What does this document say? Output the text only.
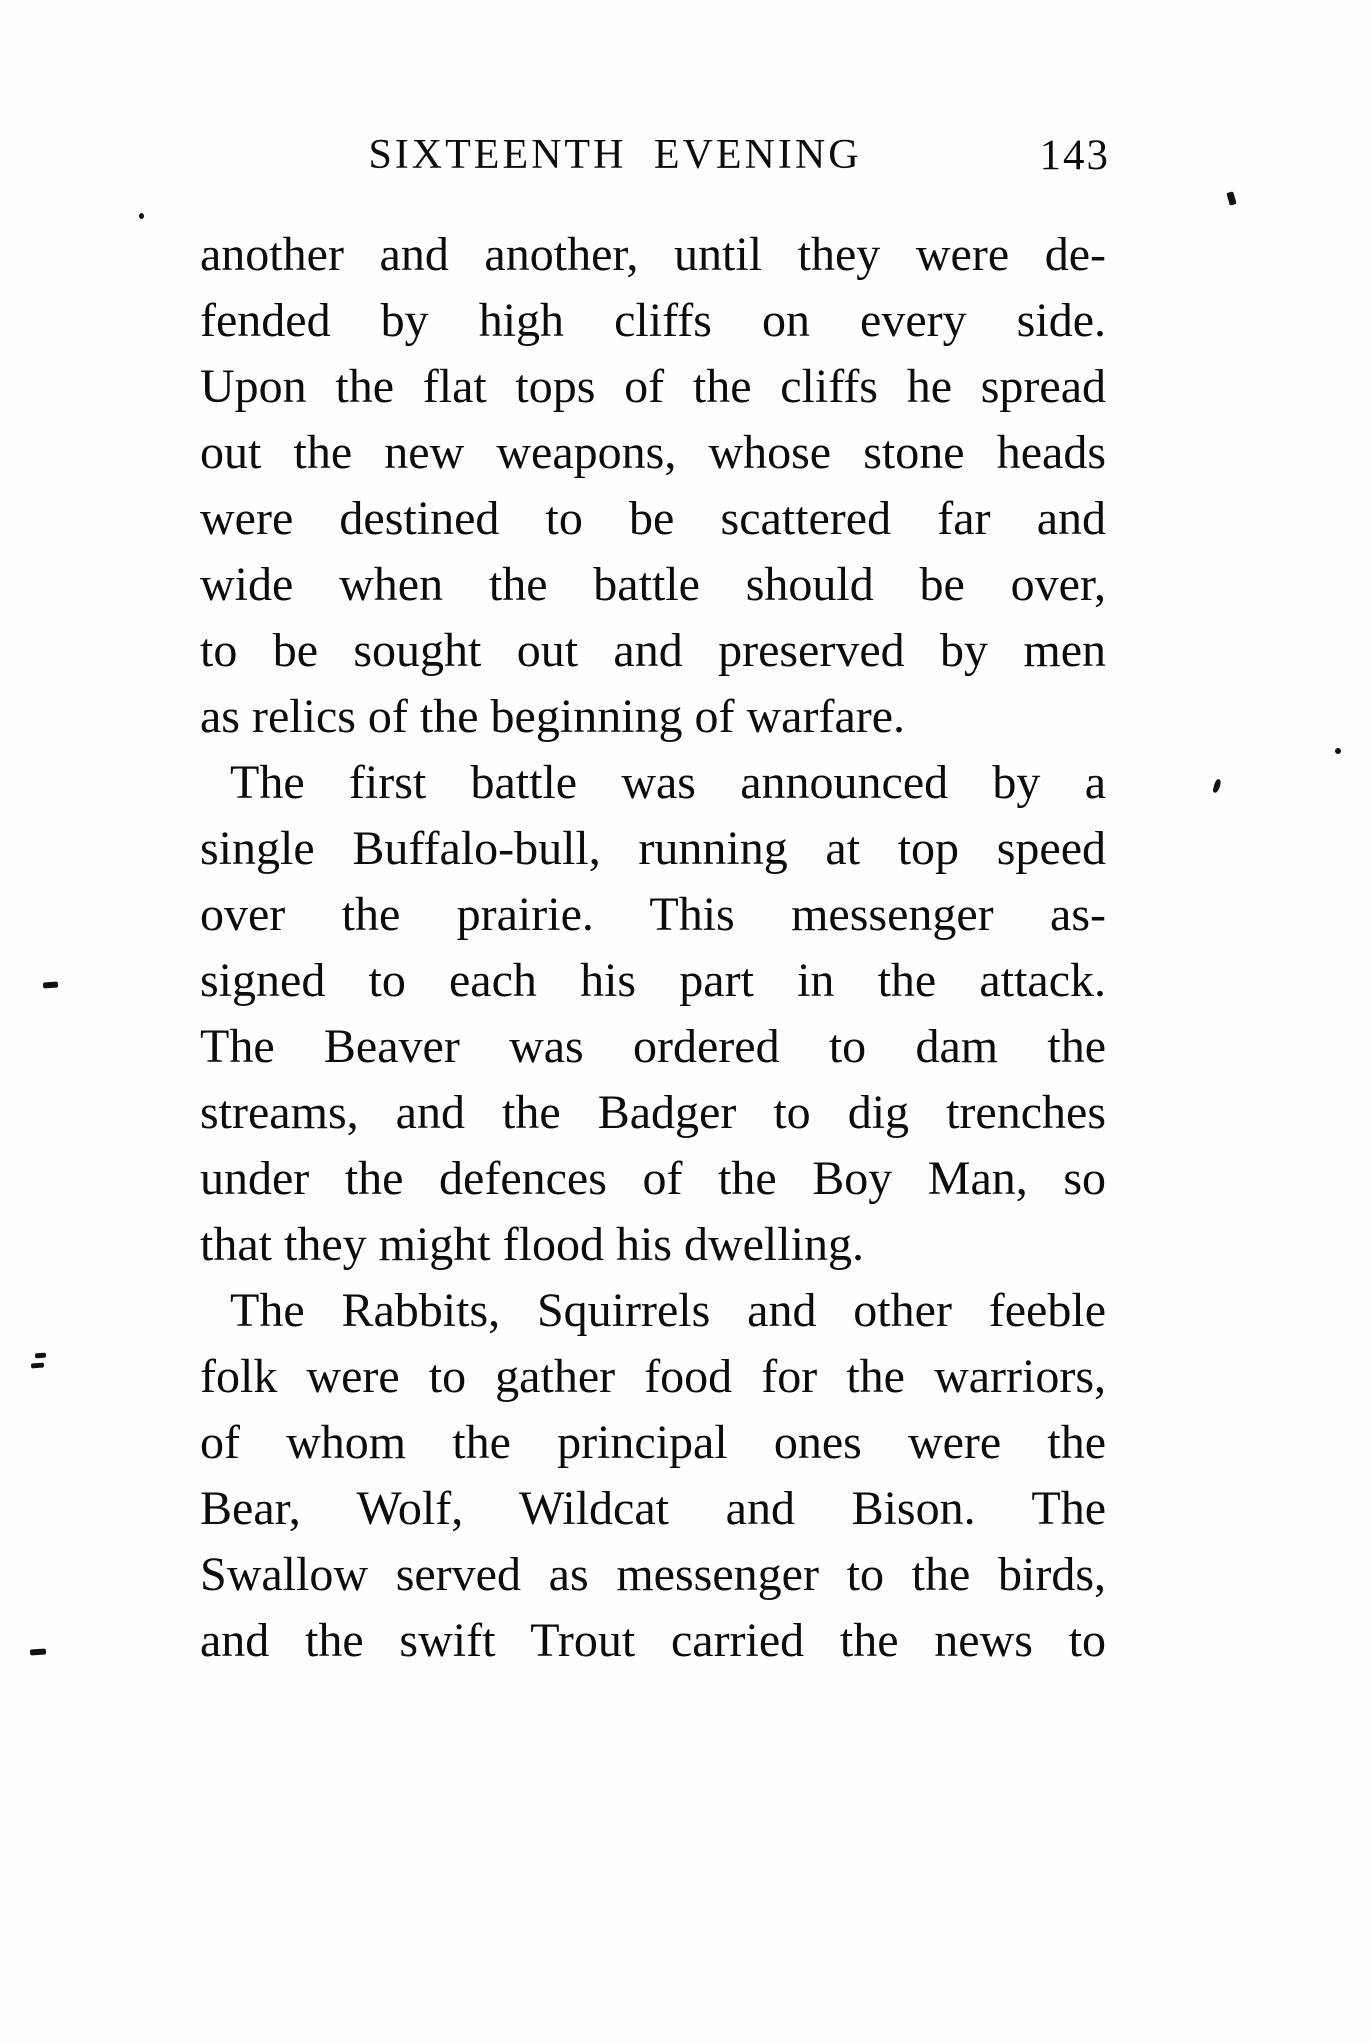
SIXTEENTH EVENING	143
another and another, until they were de-
fended by high cliffs on every side.
Upon the flat tops of the cliffs he spread
out the new weapons, whose stone heads
were destined to be scattered far and
wide when the battle should be over,
to be sought out and preserved by men
as relics of the beginning of warfare.
The first battle was announced by a
single Buffalo-bull, running at top speed
over the prairie. This messenger as-
signed to each his part in the attack.
The Beaver was ordered to dam the
streams, and the Badger to dig trenches
under the defences of the Boy Man, so
that they might flood his dwelling.
The Rabbits, Squirrels and other feeble
folk were to gather food for the warriors,
of whom the principal ones were the
Bear, Wolf, Wildcat and Bison. The
Swallow served as messenger to the birds,
and the swift Trout carried the news to
